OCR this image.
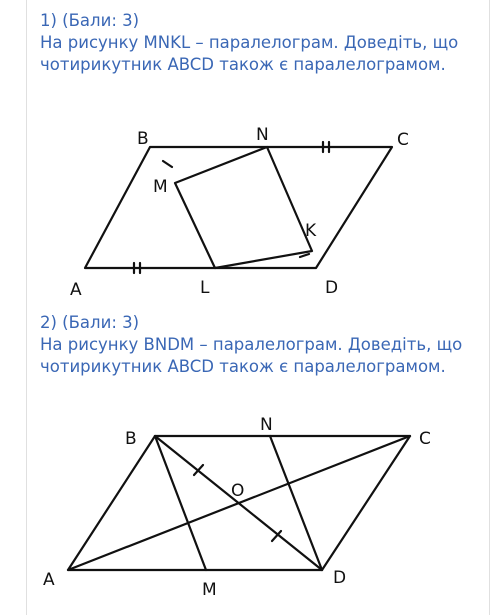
1) (Бали: 3)
На рисунку MNKL – паралелограм. Доведіть, що
чотирикутник ABCD також є паралелограмом.
B	N	C
M
K
A	L	D
2) (Бали: 3)
На рисунку BNDM – паралелограм. Доведіть, що
чотирикутник ABCD також є паралелограмом.
B
N
C
O
A	M
D
